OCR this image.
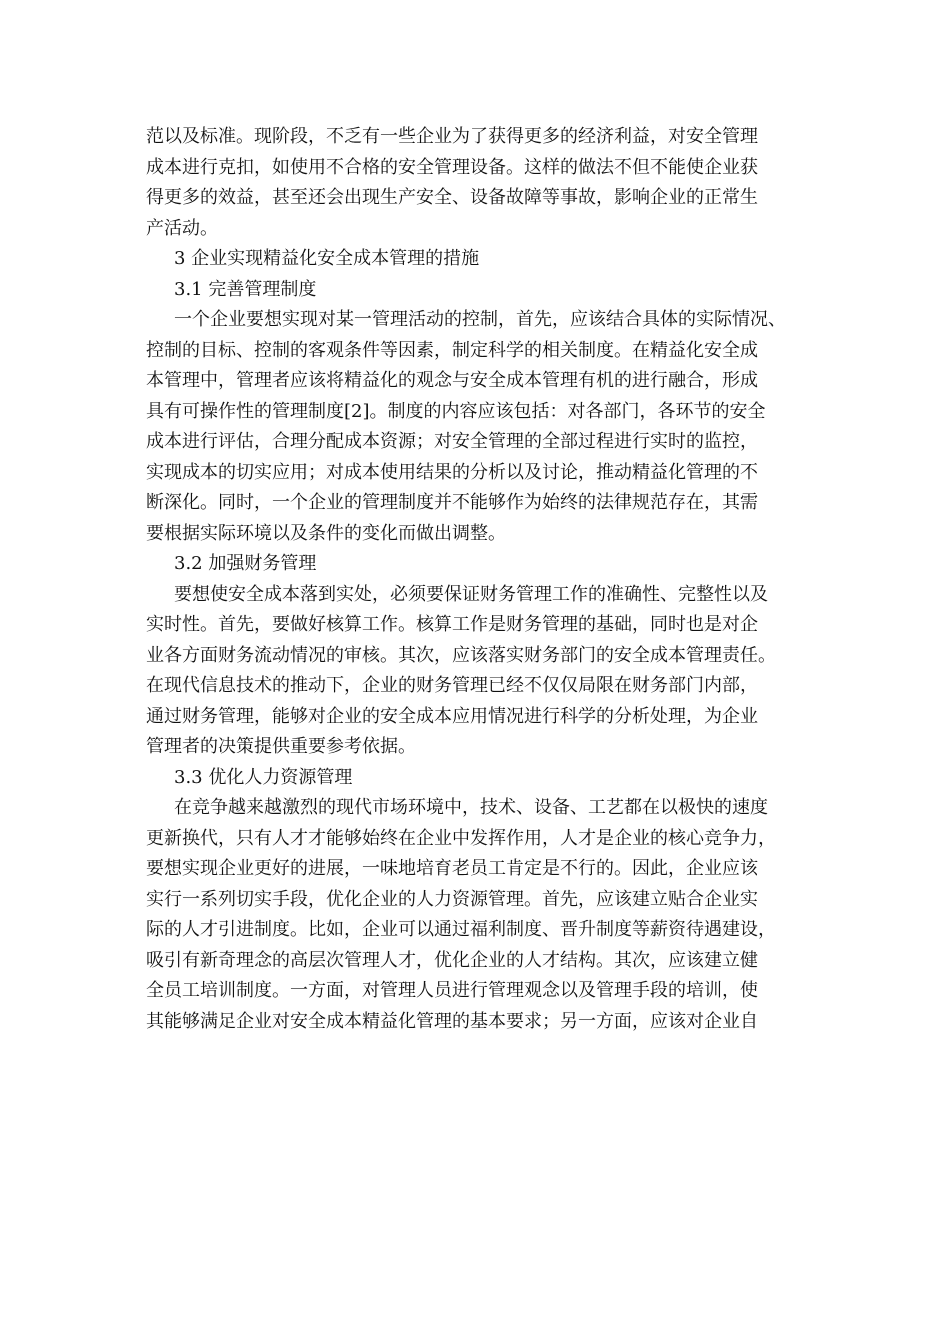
范以及标准。现阶段，不乏有一些企业为了获得更多的经济利益，对安全管理
成本进行克扣，如使用不合格的安全管理设备。这样的做法不但不能使企业获
得更多的效益，甚至还会出现生产安全、设备故障等事故，影响企业的正常生
产活动。
3 企业实现精益化安全成本管理的措施
3.1 完善管理制度
一个企业要想实现对某一管理活动的控制，首先，应该结合具体的实际情况、
控制的目标、控制的客观条件等因素，制定科学的相关制度。在精益化安全成
本管理中，管理者应该将精益化的观念与安全成本管理有机的进行融合，形成
具有可操作性的管理制度[2]。制度的内容应该包括：对各部门，各环节的安全
成本进行评估，合理分配成本资源；对安全管理的全部过程进行实时的监控，
实现成本的切实应用；对成本使用结果的分析以及讨论，推动精益化管理的不
断深化。同时，一个企业的管理制度并不能够作为始终的法律规范存在，其需
要根据实际环境以及条件的变化而做出调整。
3.2 加强财务管理
要想使安全成本落到实处，必须要保证财务管理工作的准确性、完整性以及
实时性。首先，要做好核算工作。核算工作是财务管理的基础，同时也是对企
业各方面财务流动情况的审核。其次，应该落实财务部门的安全成本管理责任。
在现代信息技术的推动下，企业的财务管理已经不仅仅局限在财务部门内部，
通过财务管理，能够对企业的安全成本应用情况进行科学的分析处理，为企业
管理者的决策提供重要参考依据。
3.3 优化人力资源管理
在竞争越来越激烈的现代市场环境中，技术、设备、工艺都在以极快的速度
更新换代，只有人才才能够始终在企业中发挥作用，人才是企业的核心竞争力，
要想实现企业更好的进展，一味地培育老员工肯定是不行的。因此，企业应该
实行一系列切实手段，优化企业的人力资源管理。首先，应该建立贴合企业实
际的人才引进制度。比如，企业可以通过福利制度、晋升制度等薪资待遇建设，
吸引有新奇理念的高层次管理人才，优化企业的人才结构。其次，应该建立健
全员工培训制度。一方面，对管理人员进行管理观念以及管理手段的培训，使
其能够满足企业对安全成本精益化管理的基本要求；另一方面，应该对企业自
